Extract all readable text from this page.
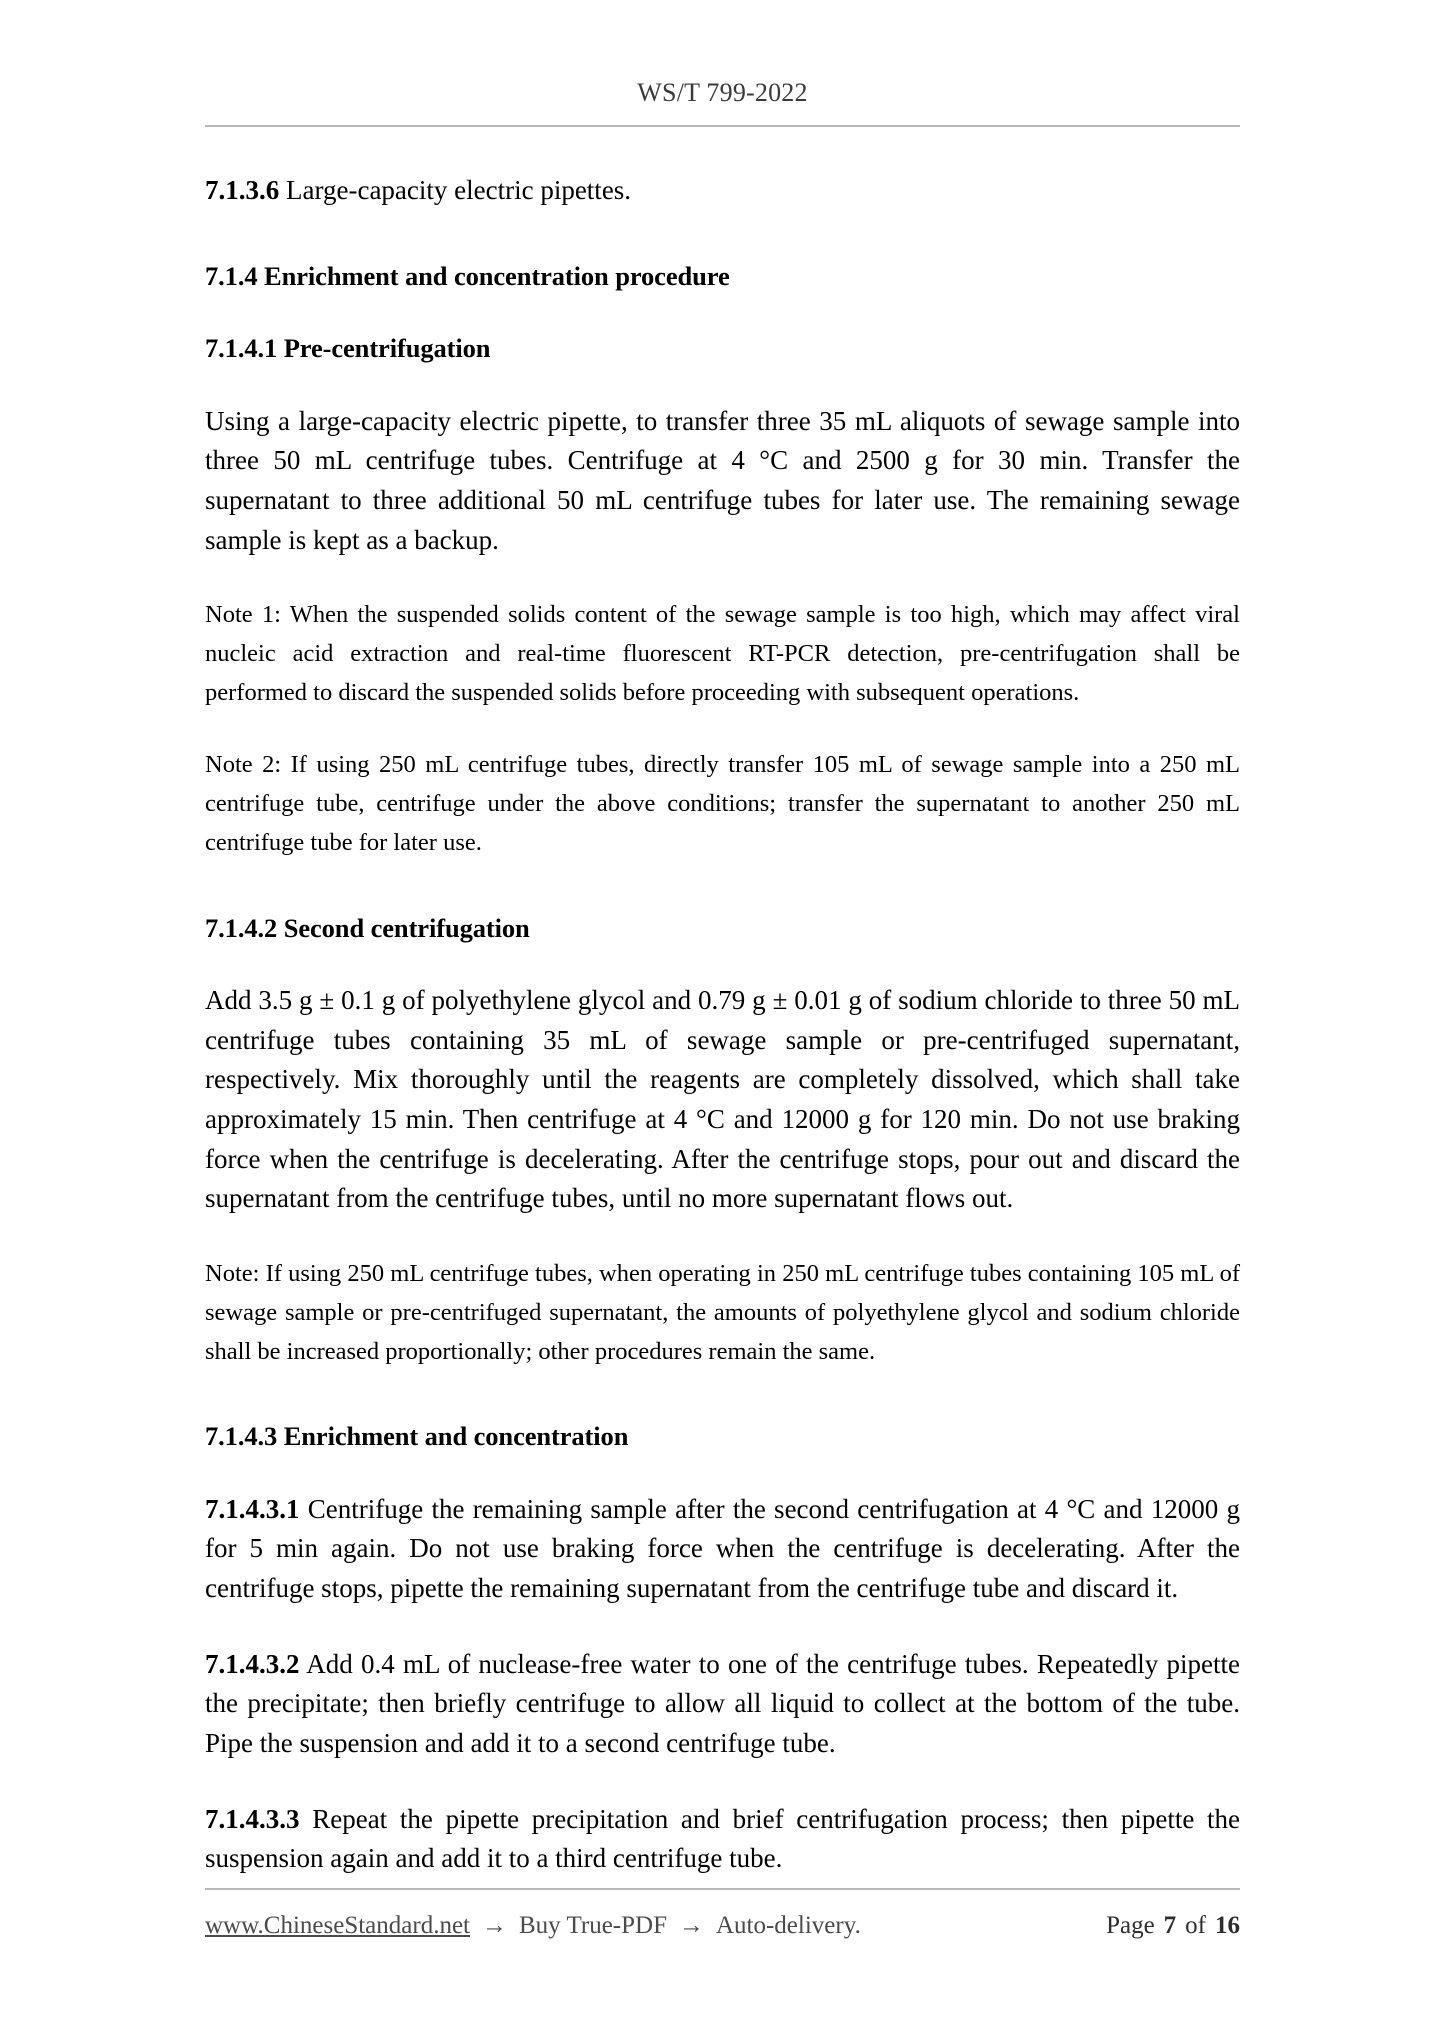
WS/T 799-2022

7.1.3.6 Large-capacity electric pipettes.

7.1.4 Enrichment and concentration procedure
7.1.4.1 Pre-centrifugation

Using a large-capacity electric pipette, to transfer three 35 mL aliquots of sewage sample into three 50 mL centrifuge tubes. Centrifuge at 4 °C and 2500 g for 30 min. Transfer the supernatant to three additional 50 mL centrifuge tubes for later use. The remaining sewage sample is kept as a backup.

Note 1: When the suspended solids content of the sewage sample is too high, which may affect viral nucleic acid extraction and real-time fluorescent RT-PCR detection, pre-centrifugation shall be performed to discard the suspended solids before proceeding with subsequent operations.

Note 2: If using 250 mL centrifuge tubes, directly transfer 105 mL of sewage sample into a 250 mL centrifuge tube, centrifuge under the above conditions; transfer the supernatant to another 250 mL centrifuge tube for later use.

7.1.4.2 Second centrifugation

Add 3.5 g ± 0.1 g of polyethylene glycol and 0.79 g ± 0.01 g of sodium chloride to three 50 mL centrifuge tubes containing 35 mL of sewage sample or pre-centrifuged supernatant, respectively. Mix thoroughly until the reagents are completely dissolved, which shall take approximately 15 min. Then centrifuge at 4 °C and 12000 g for 120 min. Do not use braking force when the centrifuge is decelerating. After the centrifuge stops, pour out and discard the supernatant from the centrifuge tubes, until no more supernatant flows out.

Note: If using 250 mL centrifuge tubes, when operating in 250 mL centrifuge tubes containing 105 mL of sewage sample or pre-centrifuged supernatant, the amounts of polyethylene glycol and sodium chloride shall be increased proportionally; other procedures remain the same.

7.1.4.3 Enrichment and concentration

7.1.4.3.1 Centrifuge the remaining sample after the second centrifugation at 4 °C and 12000 g for 5 min again. Do not use braking force when the centrifuge is decelerating. After the centrifuge stops, pipette the remaining supernatant from the centrifuge tube and discard it.

7.1.4.3.2 Add 0.4 mL of nuclease-free water to one of the centrifuge tubes. Repeatedly pipette the precipitate; then briefly centrifuge to allow all liquid to collect at the bottom of the tube. Pipe the suspension and add it to a second centrifuge tube.

7.1.4.3.3 Repeat the pipette precipitation and brief centrifugation process; then pipette the suspension again and add it to a third centrifuge tube.

www.ChineseStandard.net → Buy True-PDF → Auto-delivery.	Page 7 of 16
